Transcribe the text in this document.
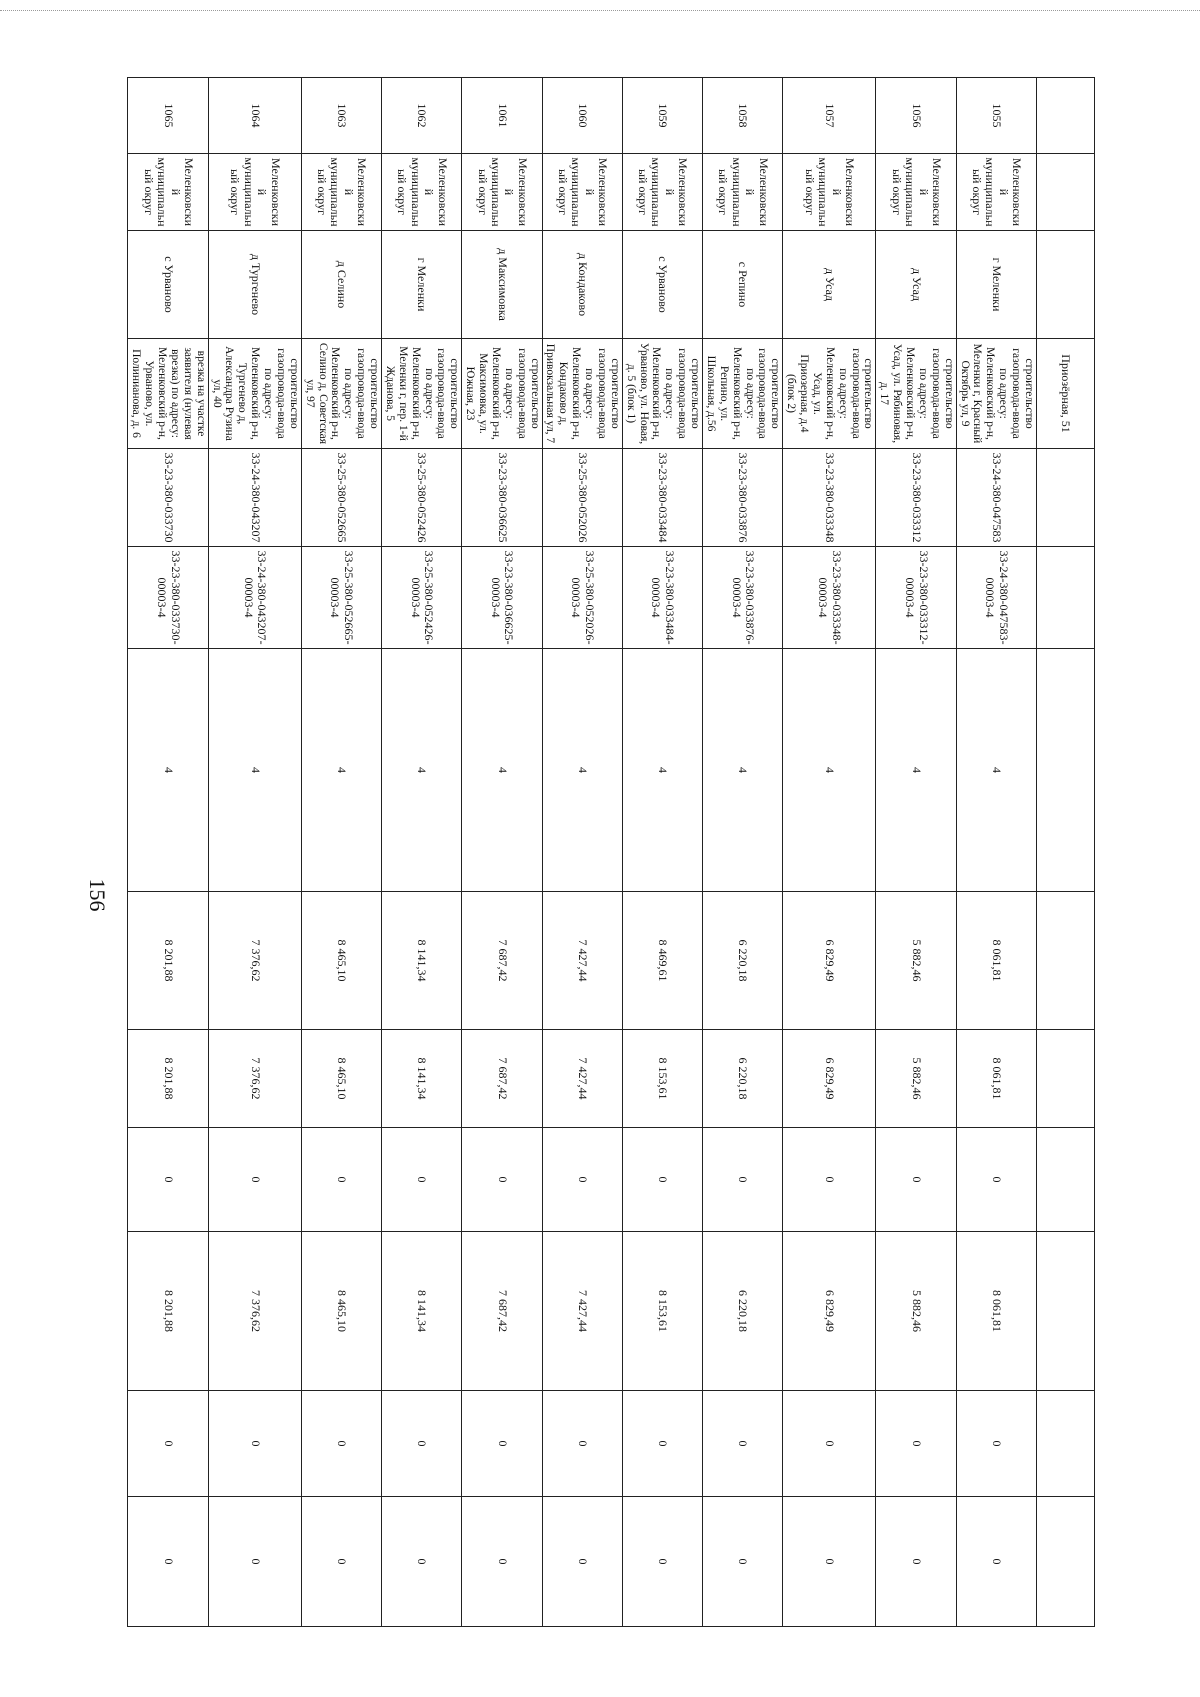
156
			Приозёрная, 51									
1055	Меленковский муниципальный округ	г Меленки	строительство газопровода-ввода по адресу: Меленковский р-н, Меленки г, Красный Октябрь ул, 9	33-24-380-047583	33-24-380-047583-00003-4	4	8 061,81	8 061,81	0	8 061,81	0	0
1056	Меленковский муниципальный округ	д Усад	строительство газопровода-ввода по адресу: Меленковский р-н, Усад, ул. Рябиновая, д. 17	33-23-380-033312	33-23-380-033312-00003-4	4	5 882,46	5 882,46	0	5 882,46	0	0
1057	Меленковский муниципальный округ	д Усад	строительство газопровода-ввода по адресу: Меленковский р-н, Усад, ул. Приозерная, д.4 (блок 2)	33-23-380-033348	33-23-380-033348-00003-4	4	6 829,49	6 829,49	0	6 829,49	0	0
1058	Меленковский муниципальный округ	с Репино	строительство газопровода-ввода по адресу: Меленковский р-н, Репино, ул. Школьная, д.56	33-23-380-033876	33-23-380-033876-00003-4	4	6 220,18	6 220,18	0	6 220,18	0	0
1059	Меленковский муниципальный округ	с Урваново	строительство газопровода-ввода по адресу: Меленковский р-н, Урваново, ул. Новая, д. 5 (блок 1)	33-23-380-033484	33-23-380-033484-00003-4	4	8 469,61	8 153,61	0	8 153,61	0	0
1060	Меленковский муниципальный округ	д Кондаково	строительство газопровода-ввода по адресу: Меленковский р-н, Кондаково д, Привокзальная ул, 7	33-25-380-052026	33-25-380-052026-00003-4	4	7 427,44	7 427,44	0	7 427,44	0	0
1061	Меленковский муниципальный округ	д Максимовка	строительство газопровода-ввода по адресу: Меленковский р-н, Максимовка, ул. Южная, 23	33-23-380-036625	33-23-380-036625-00003-4	4	7 687,42	7 687,42	0	7 687,42	0	0
1062	Меленковский муниципальный округ	г Меленки	строительство газопровода-ввода по адресу: Меленковский р-н, Меленки г, пер. 1-й Жданова, 5	33-25-380-052426	33-25-380-052426-00003-4	4	8 141,34	8 141,34	0	8 141,34	0	0
1063	Меленковский муниципальный округ	д Селино	строительство газопровода-ввода по адресу: Меленковский р-н, Селино д, Советская ул, 97	33-25-380-052665	33-25-380-052665-00003-4	4	8 465,10	8 465,10	0	8 465,10	0	0
1064	Меленковский муниципальный округ	д Тургенево	строительство газопровода-ввода по адресу: Меленковский р-н, Тургенево д, Александра Рузина ул, 40	33-24-380-043207	33-24-380-043207-00003-4	4	7 376,62	7 376,62	0	7 376,62	0	0
1065	Меленковский муниципальный округ	с Урваново	врезка на участке заявителя (нулевая врезка) по адресу: Меленковский р-н, Урваново, ул. Полиниановa, д. 6	33-23-380-033730	33-23-380-033730-00003-4	4	8 201,88	8 201,88	0	8 201,88	0	0
